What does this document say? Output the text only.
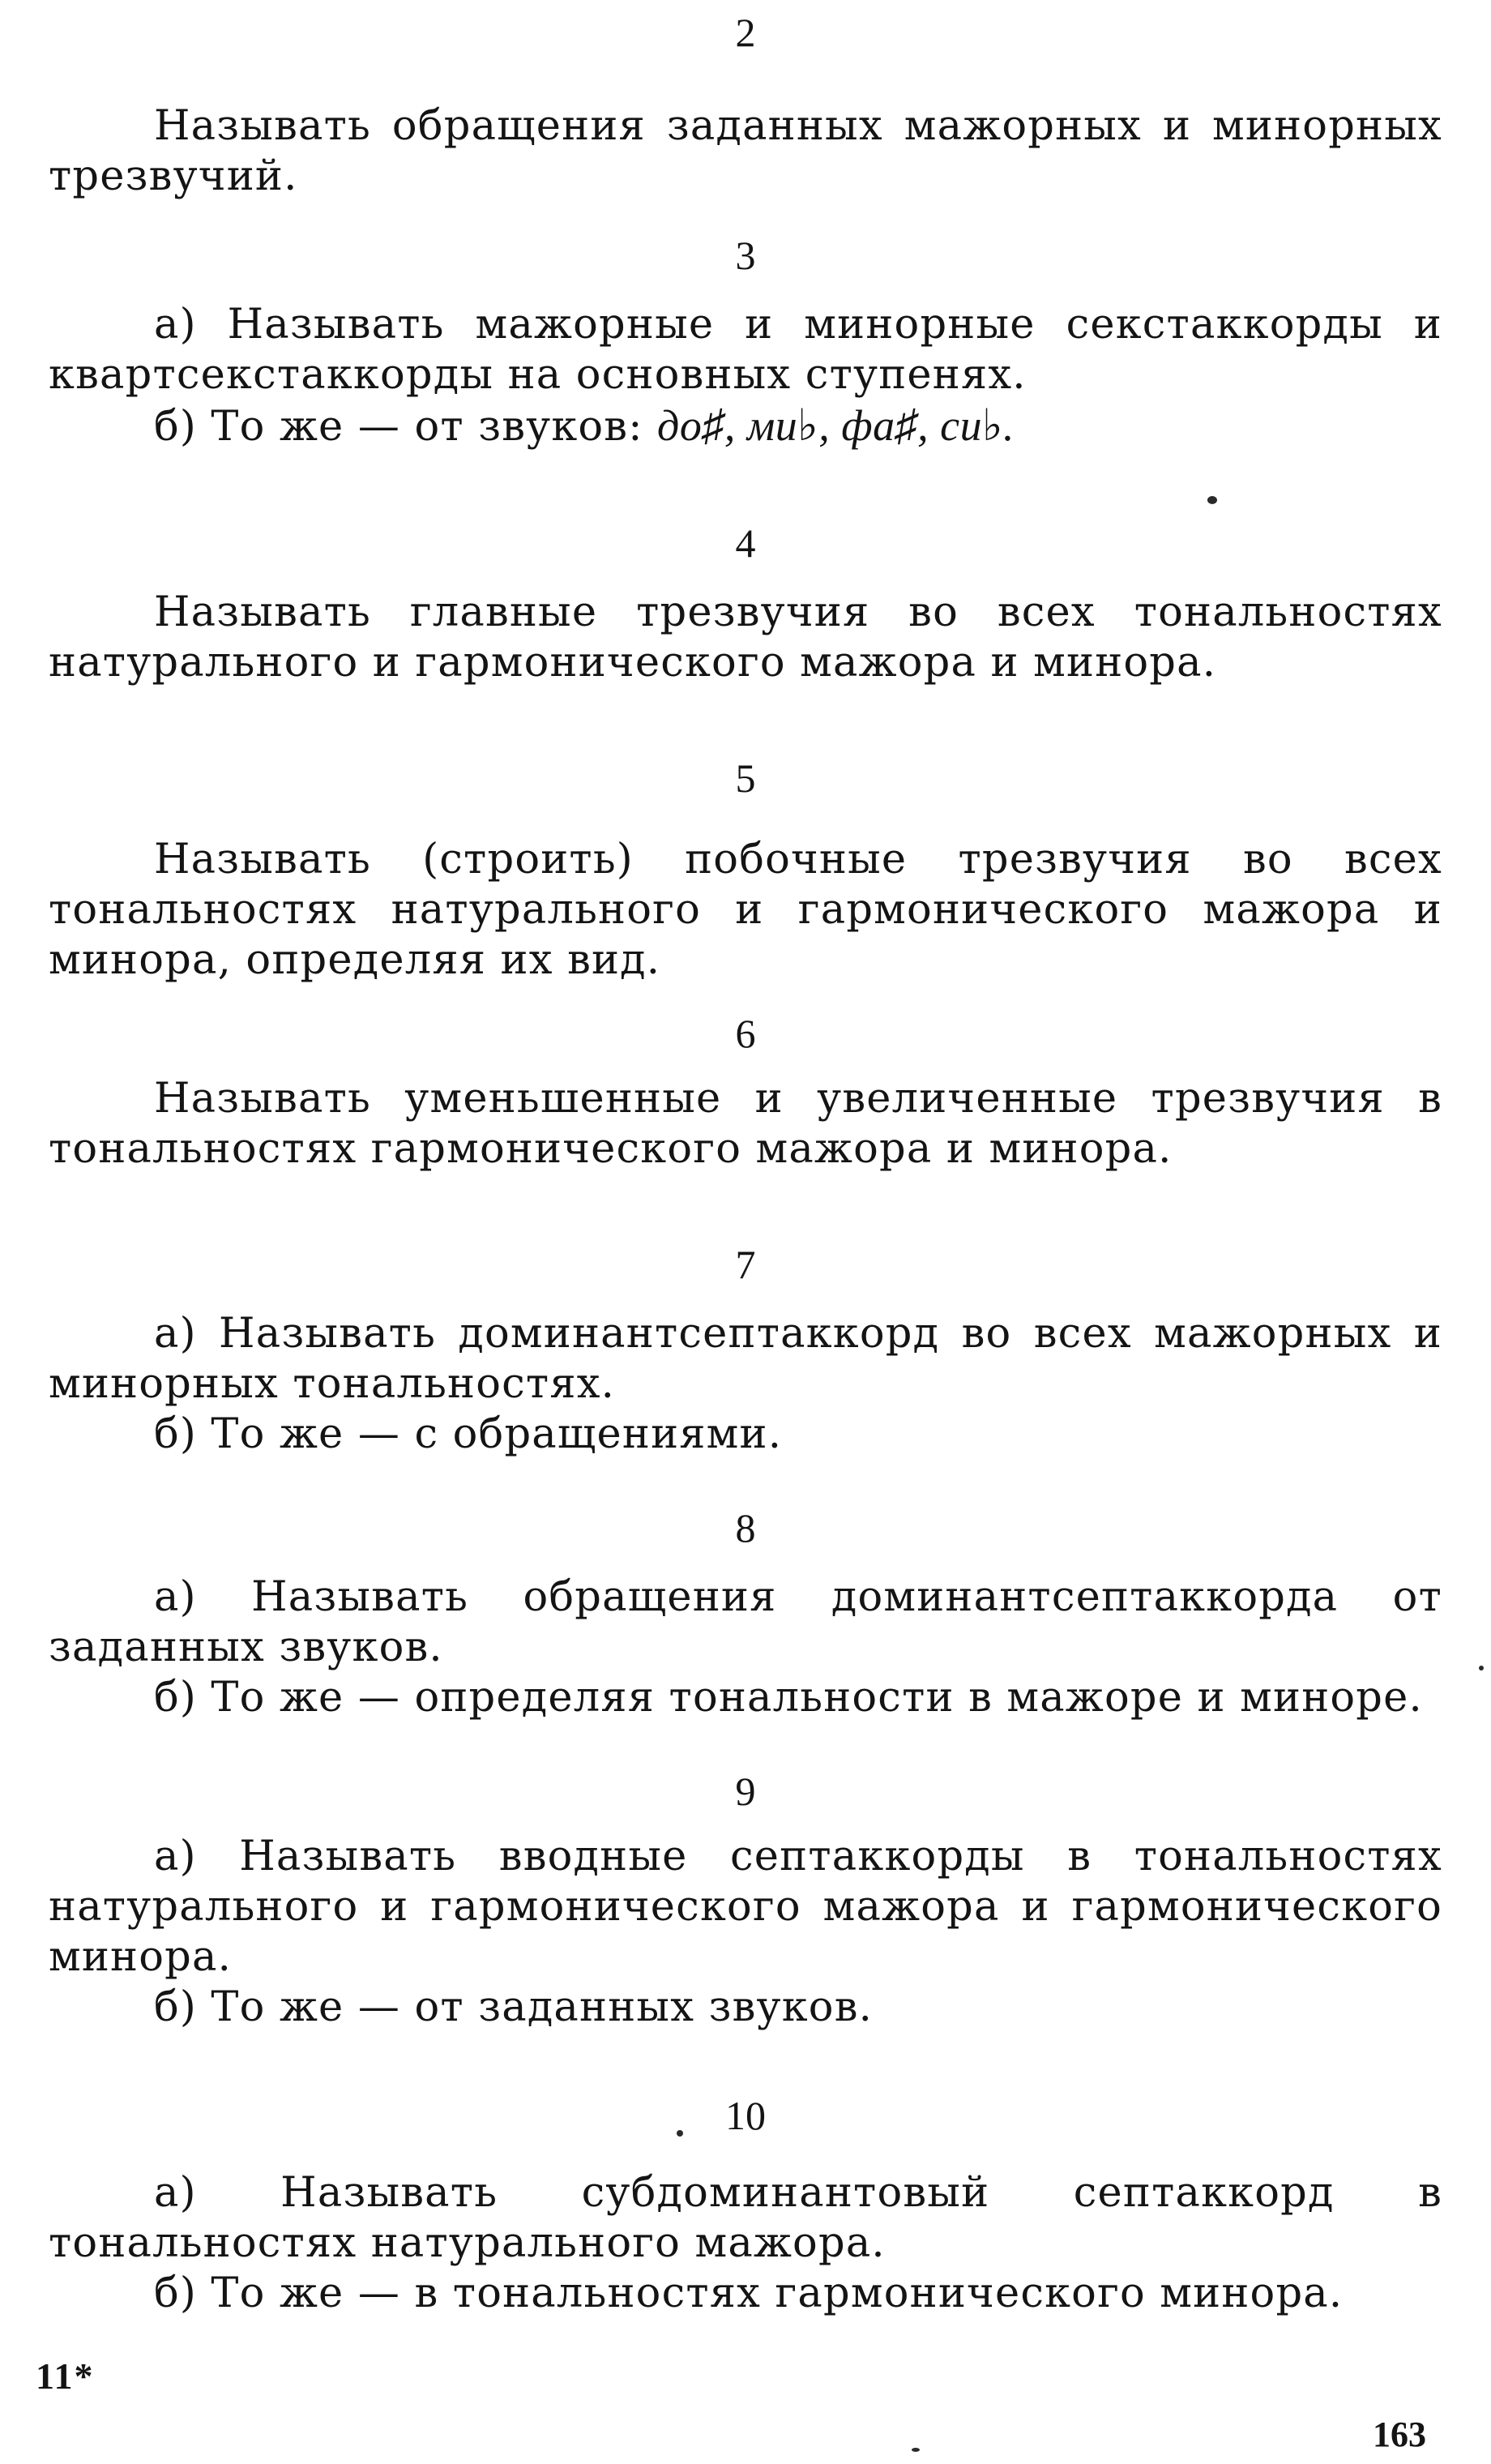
2

Называть обращения заданных мажорных и минорных трезвучий.

3

а) Называть мажорные и минорные секстаккорды и квартсекстаккорды на основных ступенях.

б) То же — от звуков: до♯, ми♭, фа♯, си♭.

4

Называть главные трезвучия во всех тональностях натурального и гармонического мажора и минора.

5

Называть (строить) побочные трезвучия во всех тональностях натурального и гармонического мажора и минора, определяя их вид.

6

Называть уменьшенные и увеличенные трезвучия в тональностях гармонического мажора и минора.

7

а) Называть доминантсептаккорд во всех мажорных и минорных тональностях.

б) То же — с обращениями.

8

а) Называть обращения доминантсептаккорда от заданных звуков.

б) То же — определяя тональности в мажоре и миноре.

9

а) Называть вводные септаккорды в тональностях натурального и гармонического мажора и гармонического минора.

б) То же — от заданных звуков.

10

а) Называть субдоминантовый септаккорд в тональностях натурального мажора.

б) То же — в тональностях гармонического минора.

11*
163
